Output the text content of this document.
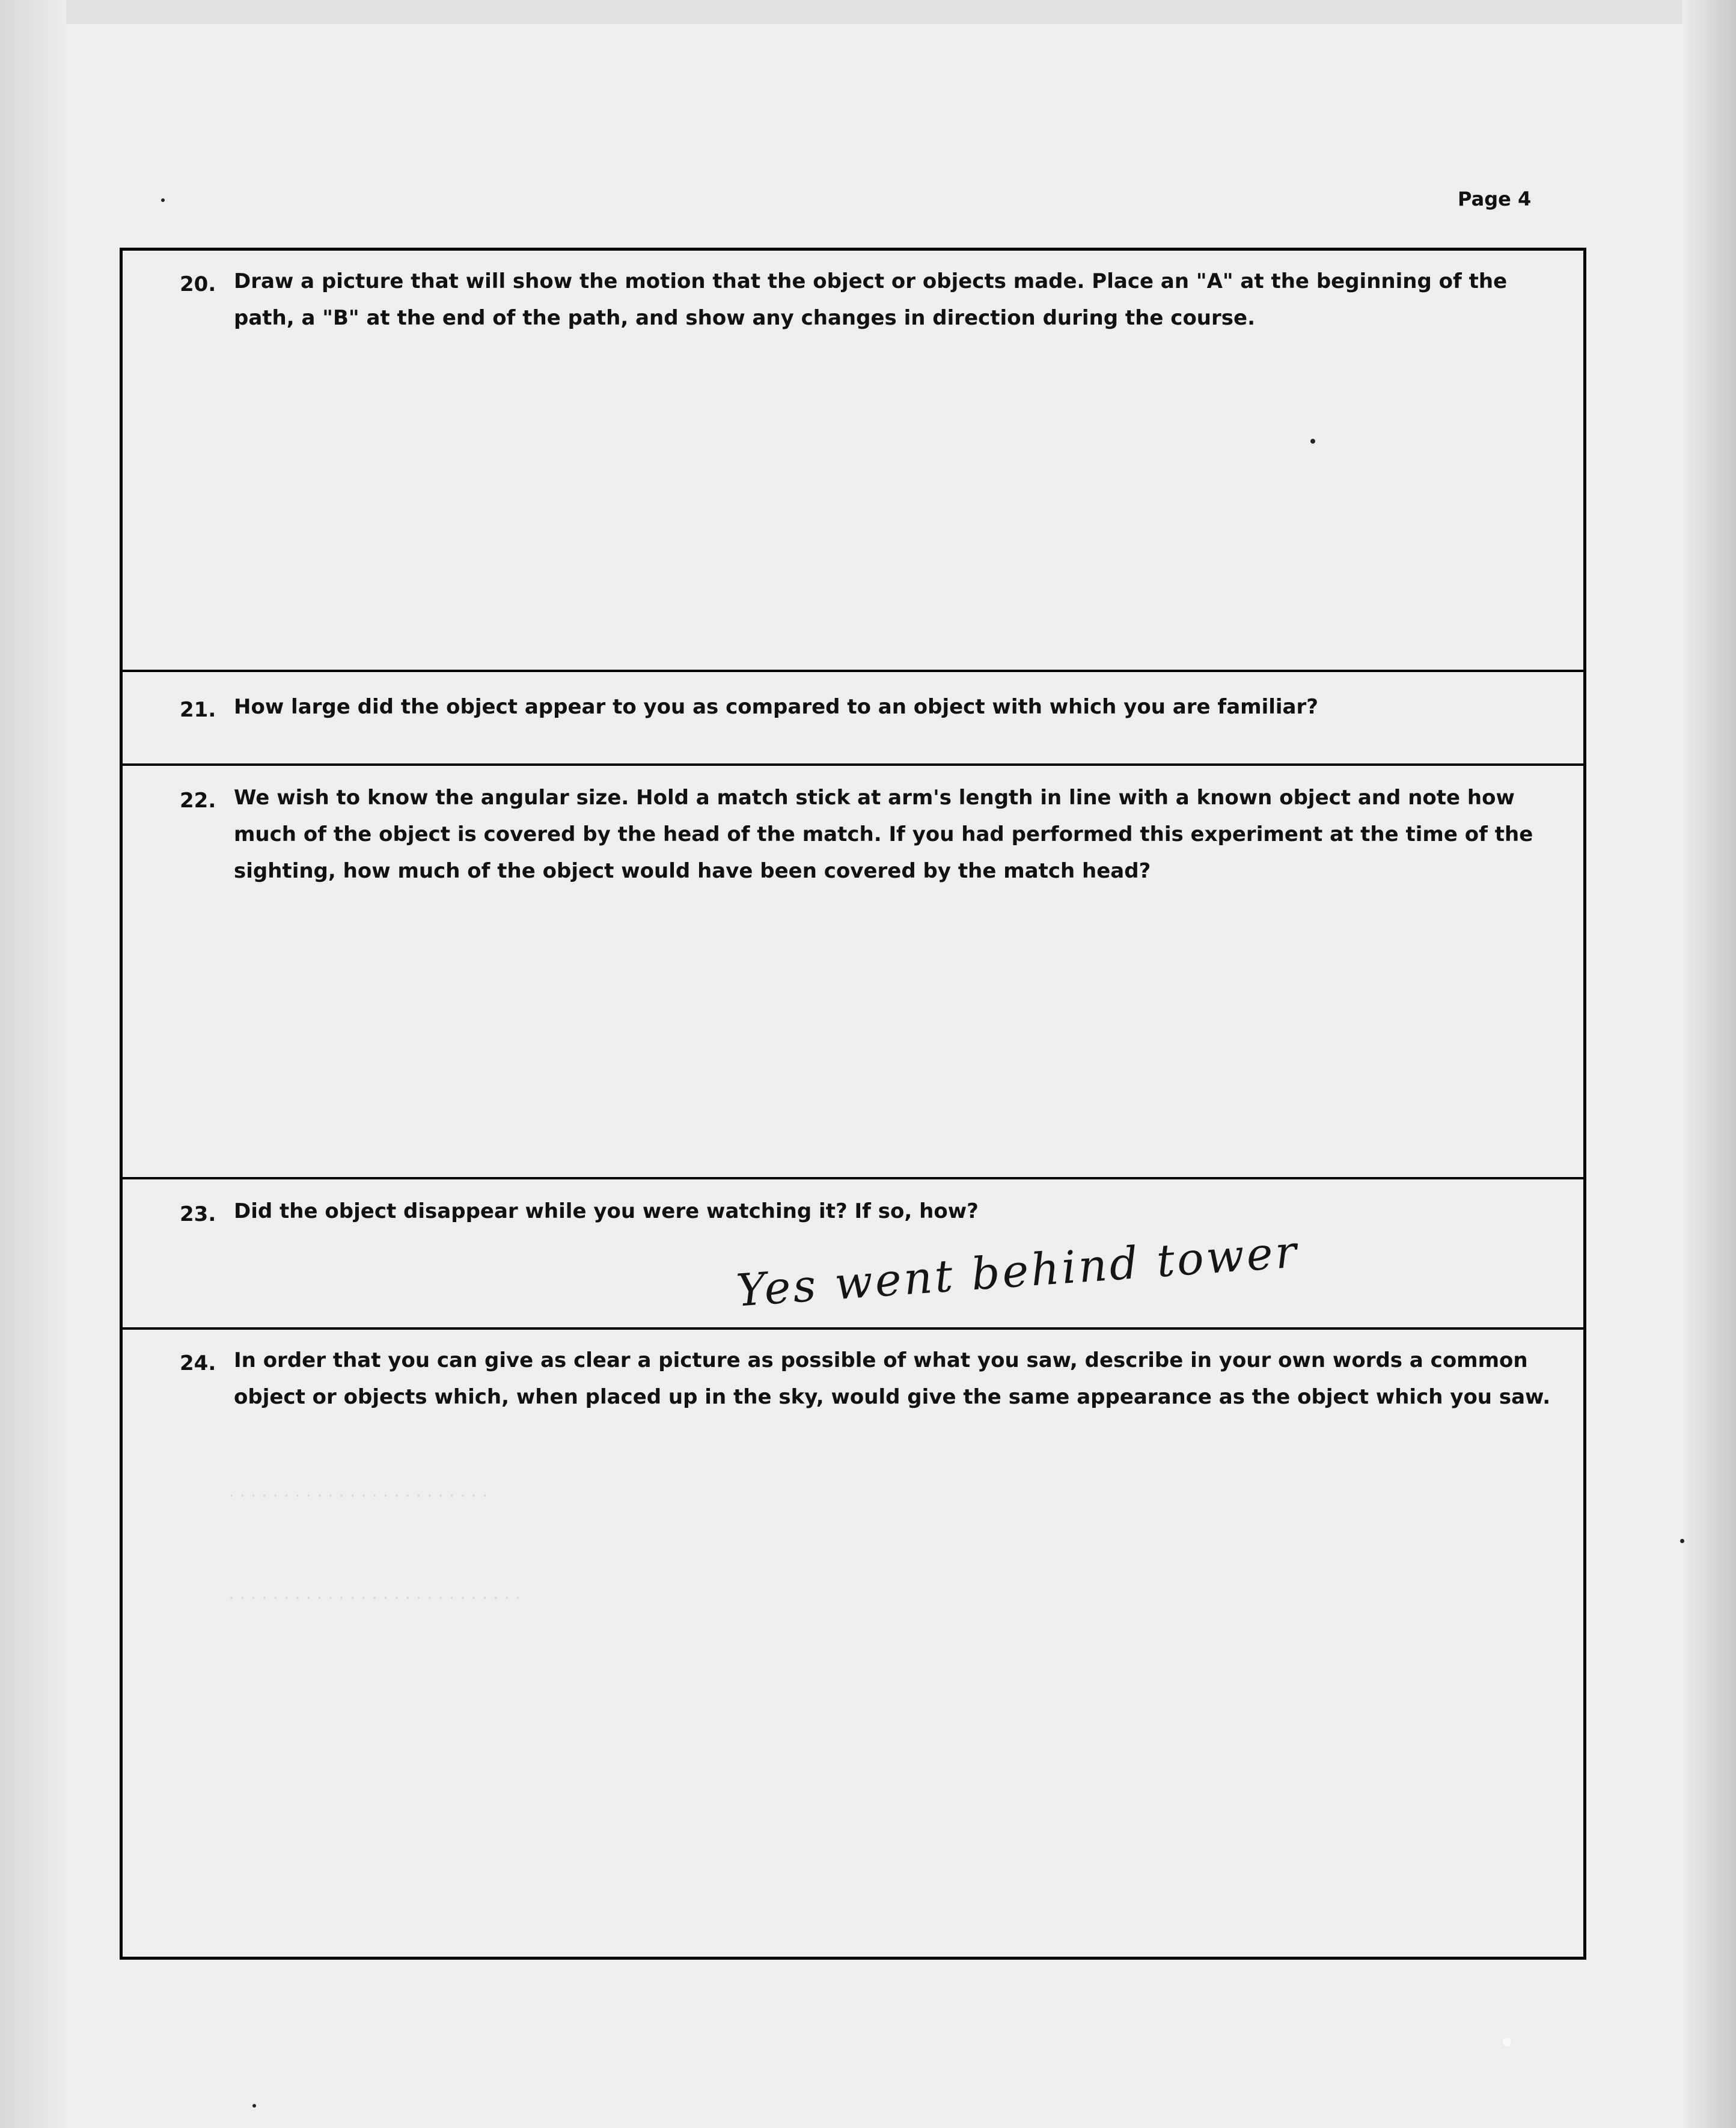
· · · · · · · · · · · · · · · · · · · · · · · ·
· · · · · · · · · · · · · · · · · · · · · · · · · · ·
Page 4
20. Draw a picture that will show the motion that the object or objects made. Place an "A" at the beginning of the path, a "B" at the end of the path, and show any changes in direction during the course.
21. How large did the object appear to you as compared to an object with which you are familiar?
22. We wish to know the angular size. Hold a match stick at arm's length in line with a known object and note how much of the object is covered by the head of the match. If you had performed this experiment at the time of the sighting, how much of the object would have been covered by the match head?
23. Did the object disappear while you were watching it? If so, how?
Yes went behind tower
24. In order that you can give as clear a picture as possible of what you saw, describe in your own words a common object or objects which, when placed up in the sky, would give the same appearance as the object which you saw.
